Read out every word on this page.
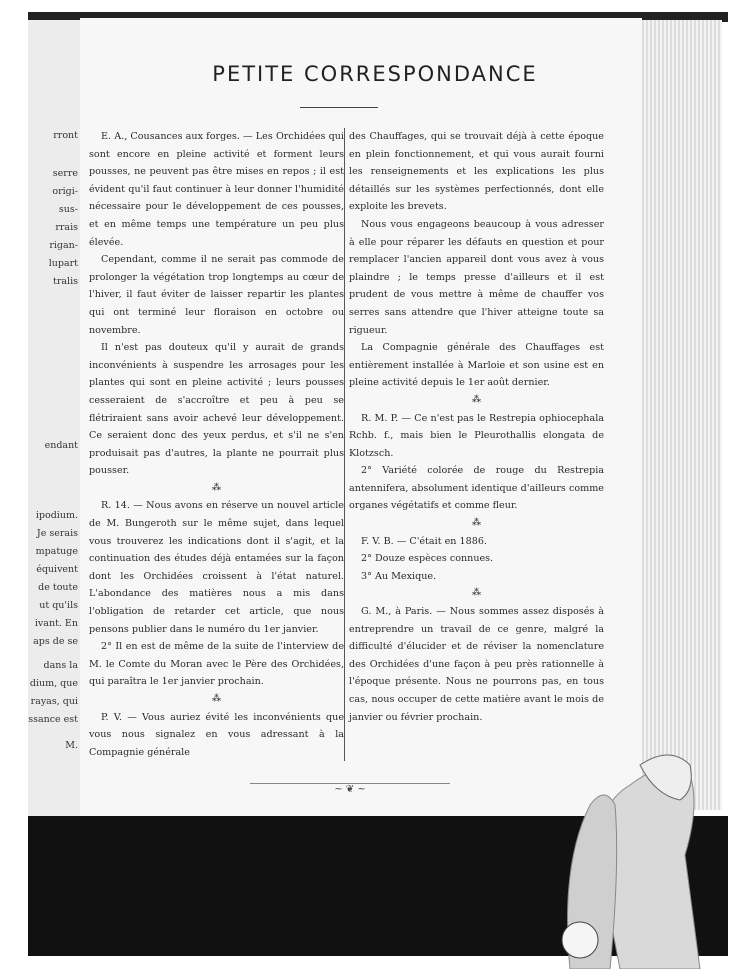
rront
serre
origi-
sus-
rrais
rigan-
lupart
tralis
endant
ipodium.
Je serais
mpatuge
équivent
de toute
ut qu'ils
ivant. En
aps de se
dans la
dium, que
rayas, qui
ssance est
M.
PETITE CORRESPONDANCE

E. A., Cousances aux forges. — Les Orchidées qui sont encore en pleine activité et forment leurs pousses, ne peuvent pas être mises en repos ; il est évident qu'il faut continuer à leur donner l'humidité nécessaire pour le développement de ces pousses, et en même temps une température un peu plus élevée.

Cependant, comme il ne serait pas commode de prolonger la végétation trop longtemps au cœur de l'hiver, il faut éviter de laisser repartir les plantes qui ont terminé leur floraison en octobre ou novembre.

Il n'est pas douteux qu'il y aurait de grands inconvénients à suspendre les arrosages pour les plantes qui sont en pleine activité ; leurs pousses cesseraient de s'accroître et peu à peu se flétriraient sans avoir achevé leur développement. Ce seraient donc des yeux perdus, et s'il ne s'en produisait pas d'autres, la plante ne pourrait plus pousser.

⁂

R. 14. — Nous avons en réserve un nouvel article de M. Bungeroth sur le même sujet, dans lequel vous trouverez les indications dont il s'agit, et la continuation des études déjà entamées sur la façon dont les Orchidées croissent à l'état naturel. L'abondance des matières nous a mis dans l'obligation de retarder cet article, que nous pensons publier dans le numéro du 1er janvier.

2° Il en est de même de la suite de l'interview de M. le Comte du Moran avec le Père des Orchidées, qui paraîtra le 1er janvier prochain.

⁂

P. V. — Vous auriez évité les inconvénients que vous nous signalez en vous adressant à la Compagnie générale

des Chauffages, qui se trouvait déjà à cette époque en plein fonctionnement, et qui vous aurait fourni les renseignements et les explications les plus détaillés sur les systèmes perfectionnés, dont elle exploite les brevets.

Nous vous engageons beaucoup à vous adresser à elle pour réparer les défauts en question et pour remplacer l'ancien appareil dont vous avez à vous plaindre ; le temps presse d'ailleurs et il est prudent de vous mettre à même de chauffer vos serres sans attendre que l'hiver atteigne toute sa rigueur.

La Compagnie générale des Chauffages est entièrement installée à Marloie et son usine est en pleine activité depuis le 1er août dernier.

⁂

R. M. P. — Ce n'est pas le Restrepia ophiocephala Rchb. f., mais bien le Pleurothallis elongata de Klotzsch.

2° Variété colorée de rouge du Restrepia antennifera, absolument identique d'ailleurs comme organes végétatifs et comme fleur.

⁂

F. V. B. — C'était en 1886.

2° Douze espèces connues.

3° Au Mexique.

⁂

G. M., à Paris. — Nous sommes assez disposés à entreprendre un travail de ce genre, malgré la difficulté d'élucider et de réviser la nomenclature des Orchidées d'une façon à peu près rationnelle à l'époque présente. Nous ne pourrons pas, en tous cas, nous occuper de cette matière avant le mois de janvier ou février prochain.

~ ❦ ~
